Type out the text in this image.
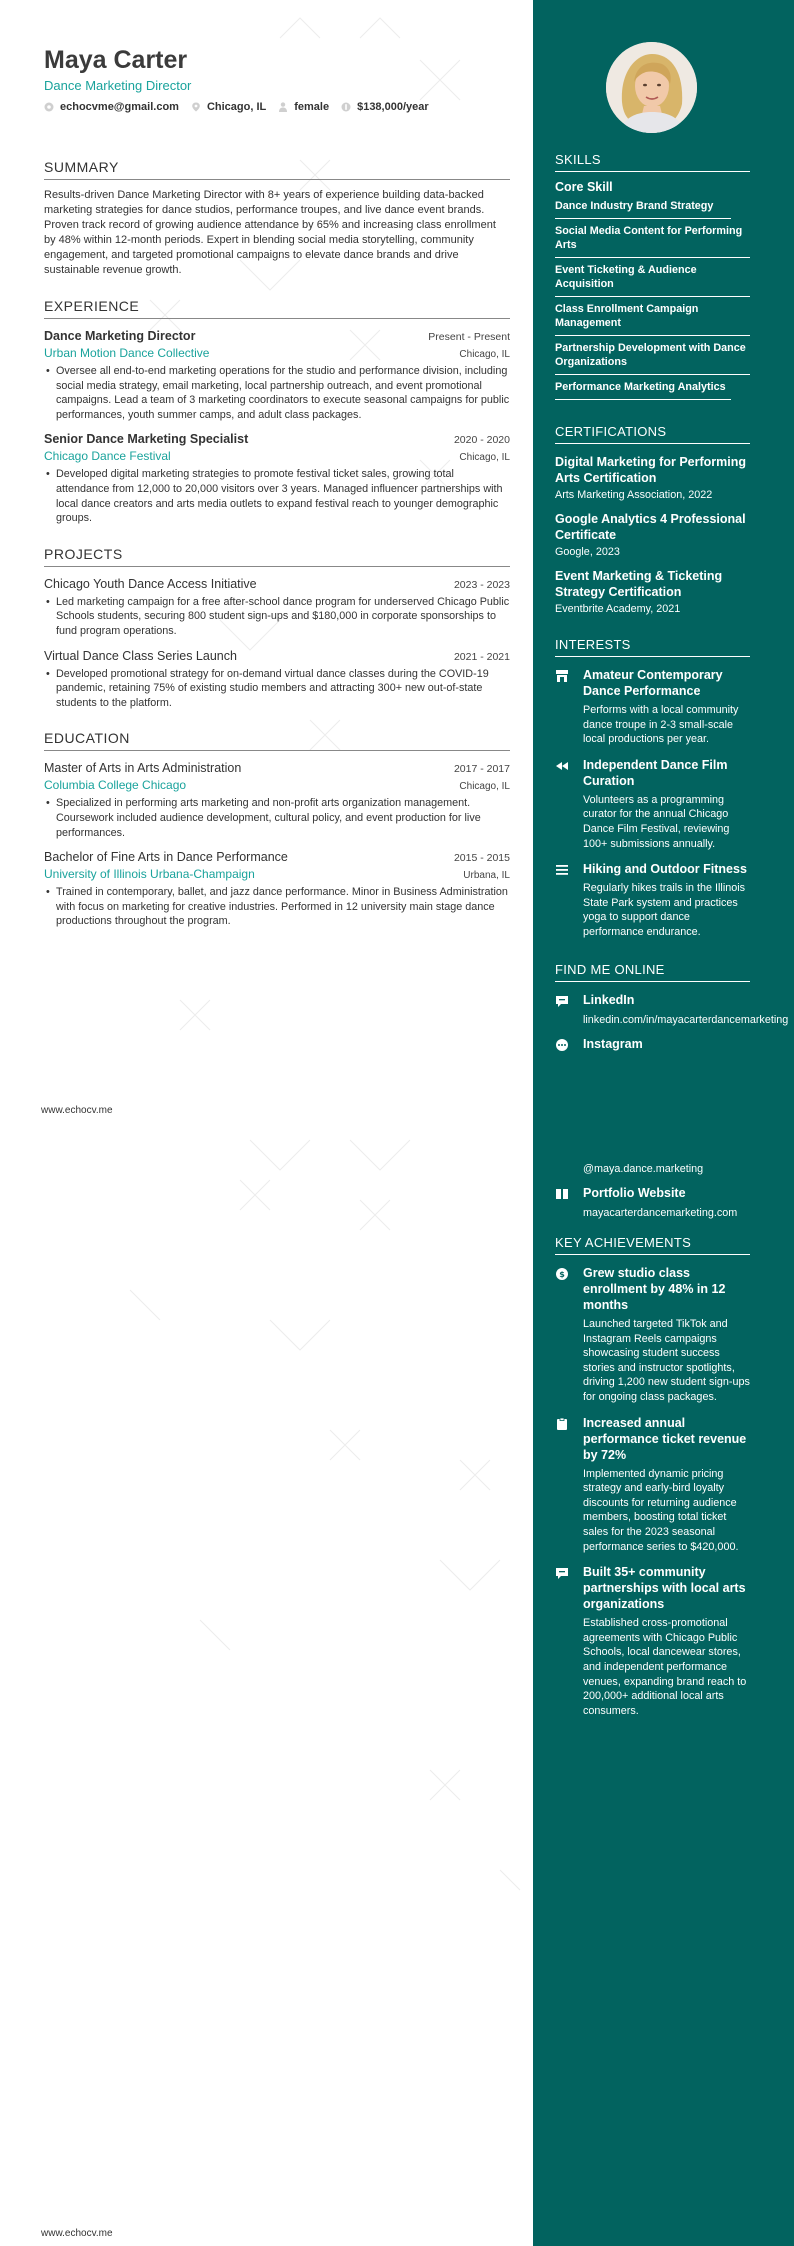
Maya Carter
Dance Marketing Director
echocvme@gmail.com	Chicago, IL	female	$138,000/year
SUMMARY
Results-driven Dance Marketing Director with 8+ years of experience building data-backed marketing strategies for dance studios, performance troupes, and live dance event brands. Proven track record of growing audience attendance by 65% and increasing class enrollment by 48% within 12-month periods. Expert in blending social media storytelling, community engagement, and targeted promotional campaigns to elevate dance brands and drive sustainable revenue growth.
EXPERIENCE
Dance Marketing Director	Present - Present
Urban Motion Dance Collective	Chicago, IL
• Oversee all end-to-end marketing operations for the studio and performance division, including social media strategy, email marketing, local partnership outreach, and event promotional campaigns. Lead a team of 3 marketing coordinators to execute seasonal campaigns for public performances, youth summer camps, and adult class packages.
Senior Dance Marketing Specialist	2020 - 2020
Chicago Dance Festival	Chicago, IL
• Developed digital marketing strategies to promote festival ticket sales, growing total attendance from 12,000 to 20,000 visitors over 3 years. Managed influencer partnerships with local dance creators and arts media outlets to expand festival reach to younger demographic groups.
PROJECTS
Chicago Youth Dance Access Initiative	2023 - 2023
• Led marketing campaign for a free after-school dance program for underserved Chicago Public Schools students, securing 800 student sign-ups and $180,000 in corporate sponsorships to fund program operations.
Virtual Dance Class Series Launch	2021 - 2021
• Developed promotional strategy for on-demand virtual dance classes during the COVID-19 pandemic, retaining 75% of existing studio members and attracting 300+ new out-of-state students to the platform.
EDUCATION
Master of Arts in Arts Administration	2017 - 2017
Columbia College Chicago	Chicago, IL
• Specialized in performing arts marketing and non-profit arts organization management. Coursework included audience development, cultural policy, and event production for live performances.
Bachelor of Fine Arts in Dance Performance	2015 - 2015
University of Illinois Urbana-Champaign	Urbana, IL
• Trained in contemporary, ballet, and jazz dance performance. Minor in Business Administration with focus on marketing for creative industries. Performed in 12 university main stage dance productions throughout the program.
www.echocv.me
www.echocv.me
SKILLS
Core Skill
Dance Industry Brand Strategy
Social Media Content for Performing Arts
Event Ticketing & Audience Acquisition
Class Enrollment Campaign Management
Partnership Development with Dance Organizations
Performance Marketing Analytics
CERTIFICATIONS
Digital Marketing for Performing Arts Certification
Arts Marketing Association, 2022
Google Analytics 4 Professional Certificate
Google, 2023
Event Marketing & Ticketing Strategy Certification
Eventbrite Academy, 2021
INTERESTS
Amateur Contemporary Dance Performance
Performs with a local community dance troupe in 2-3 small-scale local productions per year.
Independent Dance Film Curation
Volunteers as a programming curator for the annual Chicago Dance Film Festival, reviewing 100+ submissions annually.
Hiking and Outdoor Fitness
Regularly hikes trails in the Illinois State Park system and practices yoga to support dance performance endurance.
FIND ME ONLINE
LinkedIn
linkedin.com/in/mayacarterdancemarketing
Instagram
@maya.dance.marketing
Portfolio Website
mayacarterdancemarketing.com
KEY ACHIEVEMENTS
$ Grew studio class enrollment by 48% in 12 months
Launched targeted TikTok and Instagram Reels campaigns showcasing student success stories and instructor spotlights, driving 1,200 new student sign-ups for ongoing class packages.
Increased annual performance ticket revenue by 72%
Implemented dynamic pricing strategy and early-bird loyalty discounts for returning audience members, boosting total ticket sales for the 2023 seasonal performance series to $420,000.
Built 35+ community partnerships with local arts organizations
Established cross-promotional agreements with Chicago Public Schools, local dancewear stores, and independent performance venues, expanding brand reach to 200,000+ additional local arts consumers.
